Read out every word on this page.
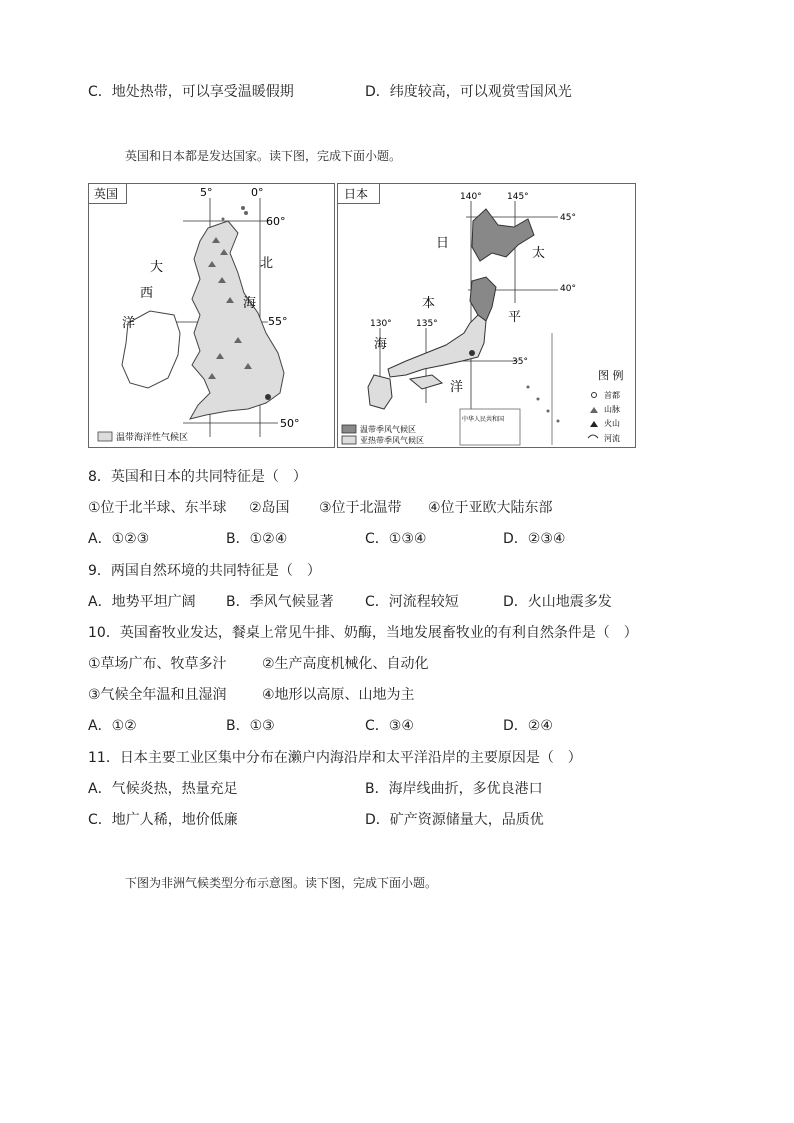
C．地处热带，可以享受温暖假期	D．纬度较高，可以观赏雪国风光
英国和日本都是发达国家。读下图，完成下面小题。
英国	5°	0°
60°
55°
50°
大
西
洋
北
海
温带海洋性气候区
日本	140°	145°
130°	135°
45°
40°
35°
日
本
海
太
平
洋
中华人民共和国
温带季风气候区
亚热带季风气候区
图 例
首都
山脉
火山
河流
8．英国和日本的共同特征是（　）
①位于北半球、东半球 ②岛国 ③位于北温带 ④位于亚欧大陆东部
A．①②③	B．①②④	C．①③④	D．②③④
9．两国自然环境的共同特征是（　）
A．地势平坦广阔 B．季风气候显著 C．河流程较短	D．火山地震多发
10．英国畜牧业发达，餐桌上常见牛排、奶酶，当地发展畜牧业的有利自然条件是（　）
①草场广布、牧草多汁	②生产高度机械化、自动化
③气候全年温和且湿润	④地形以高原、山地为主
A．①②	B．①③	C．③④	D．②④
11．日本主要工业区集中分布在濑户内海沿岸和太平洋沿岸的主要原因是（　）
A．气候炎热，热量充足	B．海岸线曲折，多优良港口
C．地广人稀，地价低廉	D．矿产资源储量大，品质优
下图为非洲气候类型分布示意图。读下图，完成下面小题。
